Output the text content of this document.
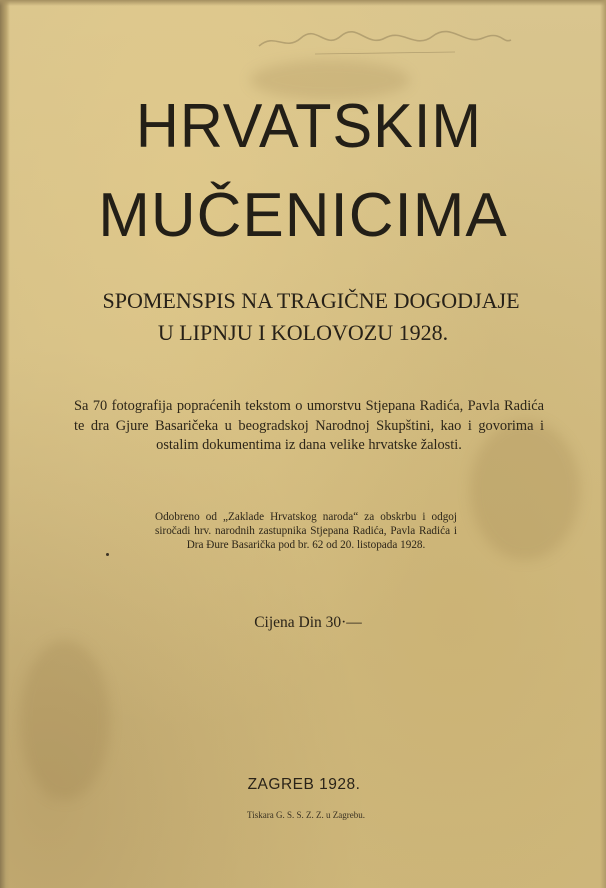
HRVATSKIM
MUČENICIMA
SPOMENSPIS NA TRAGIČNE DOGODJAJE
U LIPNJU I KOLOVOZU 1928.
Sa 70 fotografija popraćenih tekstom o umorstvu Stjepana Radića, Pavla Radića te dra Gjure Basaričeka u beogradskoj Narodnoj Skupštini, kao i govorima i ostalim dokumentima iz dana velike hrvatske žalosti.
Odobreno od „Zaklade Hrvatskog naroda“ za obskrbu i odgoj siročadi hrv. narodnih zastupnika Stjepana Radića, Pavla Radića i Dra Đure Basaričkа pod br. 62 od 20. listopada 1928.
Cijena Din 30·—
ZAGREB 1928.
Tiskara G. S. S. Z. Z. u Zagrebu.
